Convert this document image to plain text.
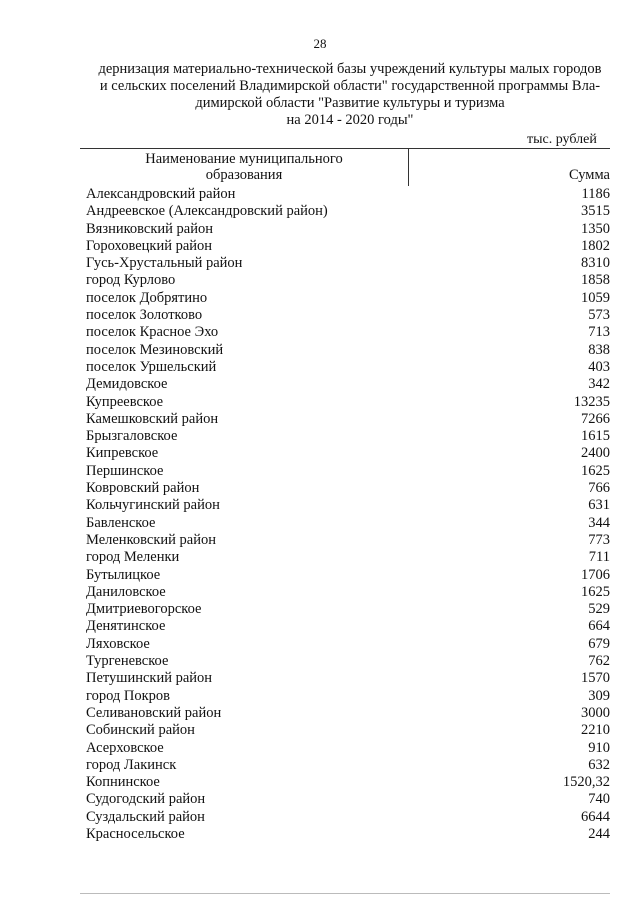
28
дернизация материально-технической базы учреждений культуры малых городов
и сельских поселений Владимирской области" государственной программы Вла-
димирской области "Развитие культуры и туризма
на 2014 - 2020 годы"
тыс. рублей
Наименование муниципального
образования	Сумма
Александровский район	1186
Андреевское (Александровский район)	3515
Вязниковский район	1350
Гороховецкий район	1802
Гусь-Хрустальный район	8310
город Курлово	1858
поселок Добрятино	1059
поселок Золотково	573
поселок Красное Эхо	713
поселок Мезиновский	838
поселок Уршельский	403
Демидовское	342
Купреевское	13235
Камешковский район	7266
Брызгаловское	1615
Кипревское	2400
Першинское	1625
Ковровский район	766
Кольчугинский район	631
Бавленское	344
Меленковский район	773
город Меленки	711
Бутылицкое	1706
Даниловское	1625
Дмитриевогорское	529
Денятинское	664
Ляховское	679
Тургеневское	762
Петушинский район	1570
город Покров	309
Селивановский район	3000
Собинский район	2210
Асерховское	910
город Лакинск	632
Копнинское	1520,32
Судогодский район	740
Суздальский район	6644
Красносельское	244
